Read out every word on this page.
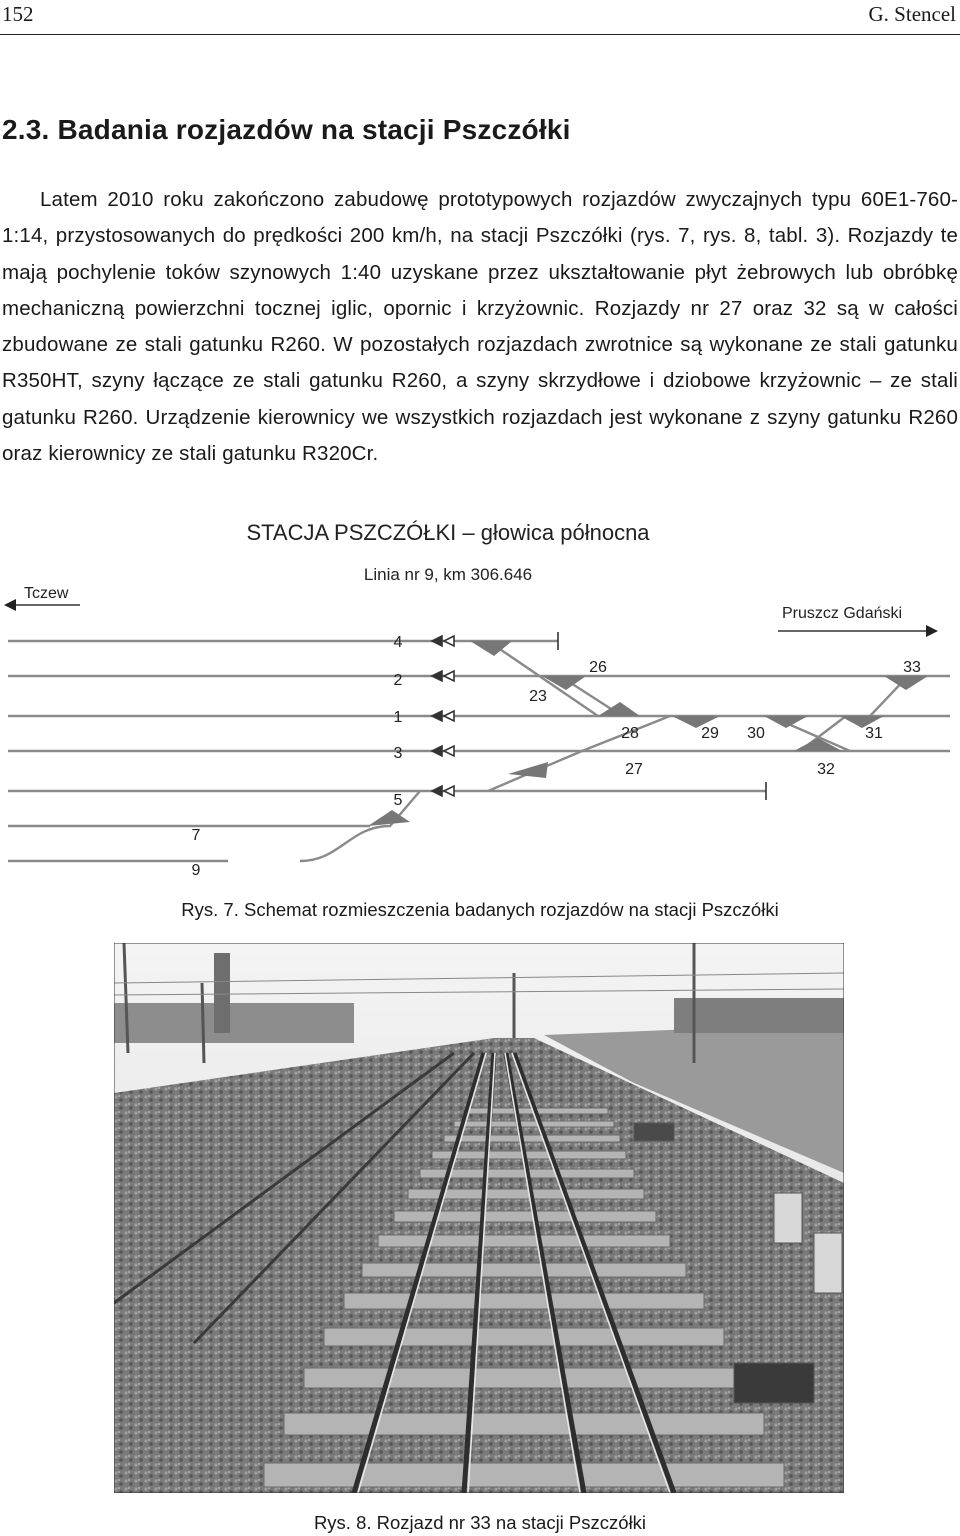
152	G. Stencel
2.3. Badania rozjazdów na stacji Pszczółki

Latem 2010 roku zakończono zabudowę prototypowych rozjazdów zwyczajnych typu 60E1-760-1:14, przystosowanych do prędkości 200 km/h, na stacji Pszczółki (rys. 7, rys. 8, tabl. 3). Rozjazdy te mają pochylenie toków szynowych 1:40 uzyskane przez ukształtowanie płyt żebrowych lub obróbkę mechaniczną powierzchni tocznej iglic, opornic i krzyżownic. Rozjazdy nr 27 oraz 32 są w całości zbudowane ze stali gatunku R260. W pozostałych rozjazdach zwrotnice są wykonane ze stali gatunku R350HT, szyny łączące ze stali gatunku R260, a szyny skrzydłowe i dziobowe krzyżownic – ze stali gatunku R260. Urządzenie kierownicy we wszystkich rozjazdach jest wykonane z szyny gatunku R260 oraz kierownicy ze stali gatunku R320Cr.

STACJA PSZCZÓŁKI – głowica północna
Linia nr 9, km 306.646
Tczew
Pruszcz Gdański
4
2
1
3
5
7
9
23
26
28	29 30
27	32
33
31
Rys. 7. Schemat rozmieszczenia badanych rozjazdów na stacji Pszczółki
Rys. 8. Rozjazd nr 33 na stacji Pszczółki
